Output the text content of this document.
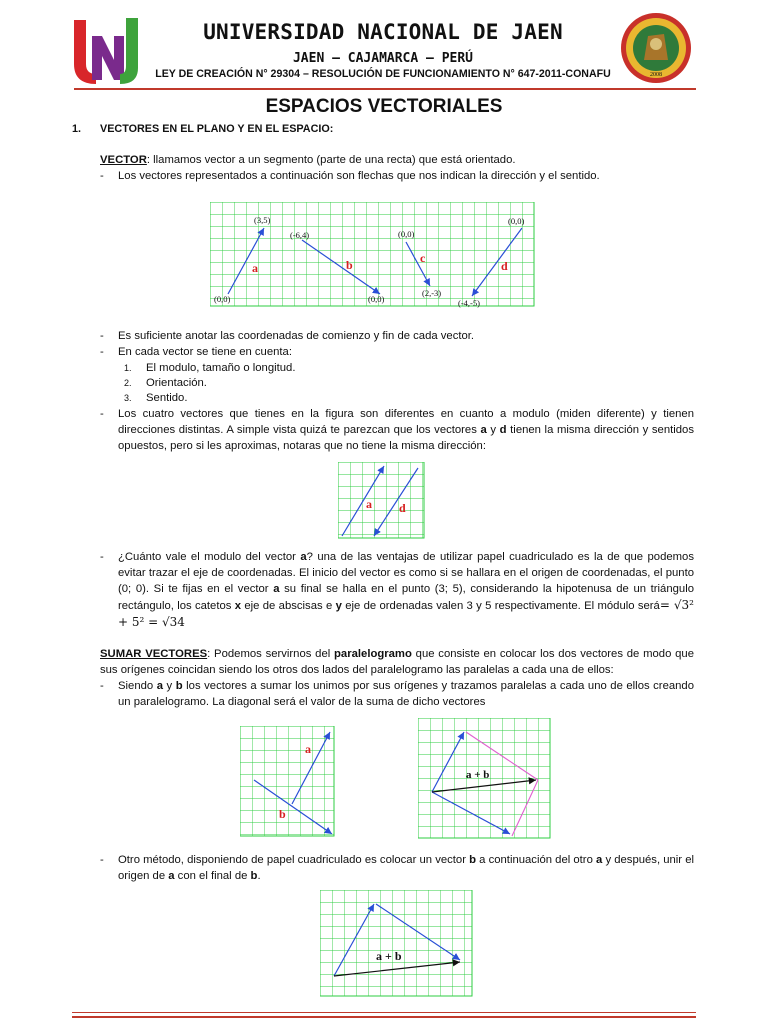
UNIVERSIDAD NACIONAL DE JAEN
JAEN – CAJAMARCA – PERÚ
LEY DE CREACIÓN N° 29304 – RESOLUCIÓN DE FUNCIONAMIENTO N° 647-2011-CONAFU	2008
ESPACIOS VECTORIALES
1. VECTORES EN EL PLANO Y EN EL ESPACIO:
VECTOR: llamamos vector a un segmento (parte de una recta) que está orientado.
- Los vectores representados a continuación son flechas que nos indican la dirección y el sentido.
a	b	c
d
(0,0)
(3,5)
(-6,4)
(0,0)
(0,0)
(2,-3)
(0,0)
(-4,-5)
- Es suficiente anotar las coordenadas de comienzo y fin de cada vector.
- En cada vector se tiene en cuenta:
1. El modulo, tamaño o longitud.
2. Orientación.
3. Sentido.
- Los cuatro vectores que tienes en la figura son diferentes en cuanto a modulo (miden diferente) y tienen direcciones distintas. A simple vista quizá te parezcan que los vectores a y d tienen la misma dirección y sentidos opuestos, pero si les aproximas, notaras que no tiene la misma dirección:
a d
- ¿Cuánto vale el modulo del vector a? una de las ventajas de utilizar papel cuadriculado es la de que podemos evitar trazar el eje de coordenadas. El inicio del vector es como si se hallara en el origen de coordenadas, el punto (0; 0). Si te fijas en el vector a su final se halla en el punto (3; 5), considerando la hipotenusa de un triángulo rectángulo, los catetos x eje de abscisas e y eje de ordenadas valen 3 y 5 respectivamente. El módulo será= √3² + 5² = √34
SUMAR VECTORES: Podemos servirnos del paralelogramo que consiste en colocar los dos vectores de modo que sus orígenes coincidan siendo los otros dos lados del paralelogramo las paralelas a cada una de ellos:
- Siendo a y b los vectores a sumar los unimos por sus orígenes y trazamos paralelas a cada uno de ellos creando un paralelogramo. La diagonal será el valor de la suma de dicho vectores
a
b
a + b
- Otro método, disponiendo de papel cuadriculado es colocar un vector b a continuación del otro a y después, unir el origen de a con el final de b.
a + b
